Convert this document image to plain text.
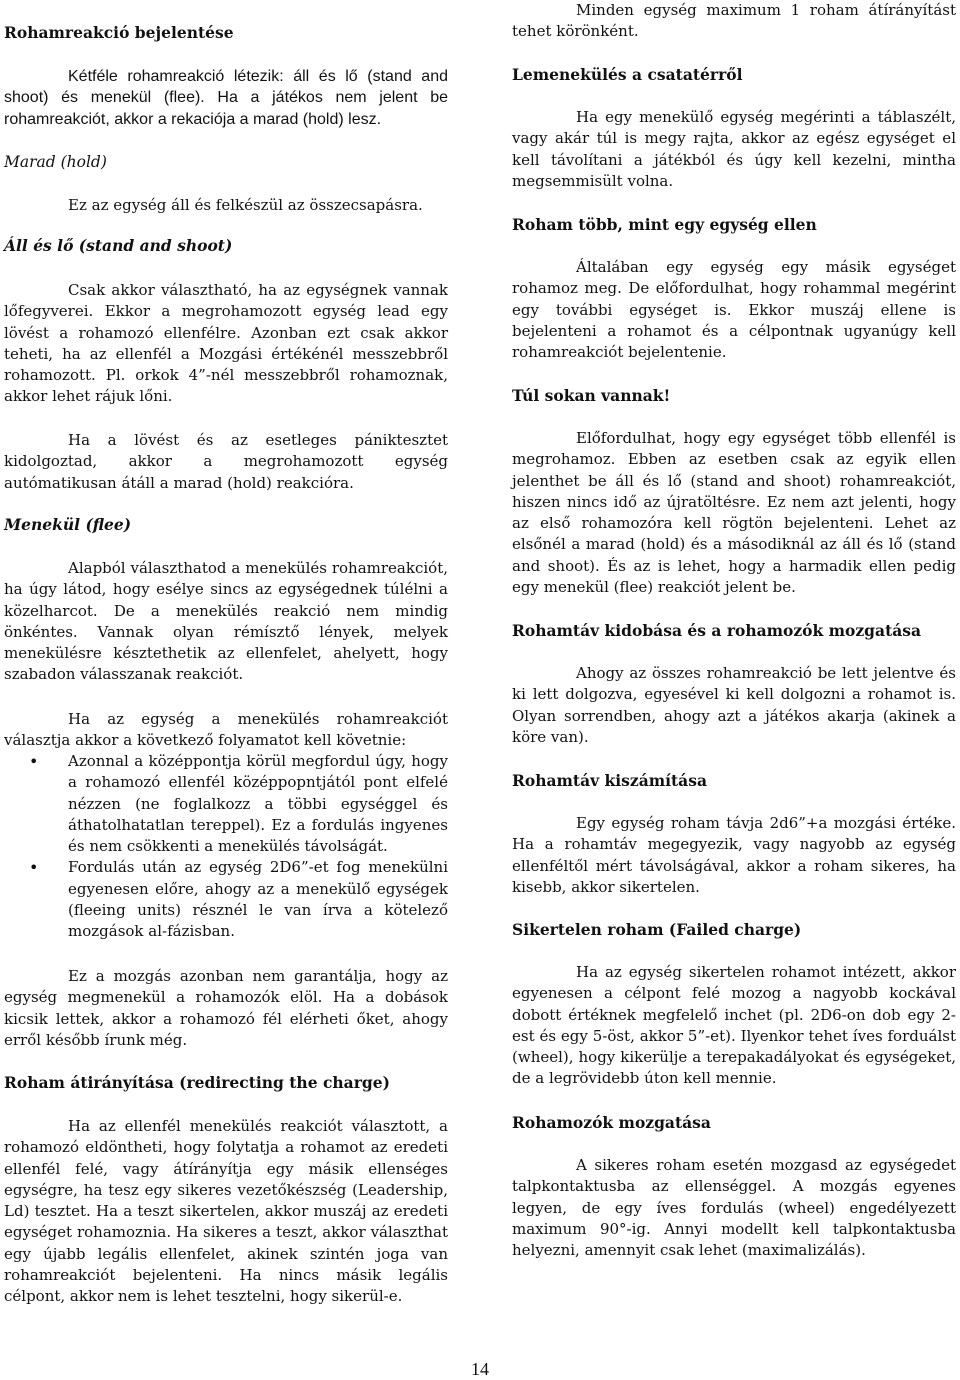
Rohamreakció bejelentése

Kétféle rohamreakció létezik: áll és lő (stand and shoot) és menekül (flee). Ha a játékos nem jelent be rohamreakciót, akkor a rekaciója a marad (hold) lesz.

Marad (hold)
Ez az egység áll és felkészül az összecsapásra.
Áll és lő (stand and shoot)

Csak akkor választható, ha az egységnek vannak lőfegyverei. Ekkor a megrohamozott egység lead egy lövést a rohamozó ellenfélre. Azonban ezt csak akkor teheti, ha az ellenfél a Mozgási értékénél messzebbről rohamozott. Pl. orkok 4”-nél messzebbről rohamoznak, akkor lehet rájuk lőni.

Ha a lövést és az esetleges pániktesztet kidolgoztad, akkor a megrohamozott egység autómatikusan átáll a marad (hold) reakcióra.

Menekül (flee)

Alapból választhatod a menekülés rohamreakciót, ha úgy látod, hogy esélye sincs az egységednek túlélni a közelharcot. De a menekülés reakció nem mindig önkéntes. Vannak olyan rémísztő lények, melyek menekülésre késztethetik az ellenfelet, ahelyett, hogy szabadon válasszanak reakciót.

Ha az egység a menekülés rohamreakciót választja akkor a következő folyamatot kell követnie:

• Azonnal a középpontja körül megfordul úgy, hogy a rohamozó ellenfél középpopntjától pont elfelé nézzen (ne foglalkozz a többi egységgel és áthatolhatatlan tereppel). Ez a fordulás ingyenes és nem csökkenti a menekülés távolságát.
• Fordulás után az egység 2D6”-et fog menekülni egyenesen előre, ahogy az a menekülő egységek (fleeing units) résznél le van írva a kötelező mozgások al-fázisban.

Ez a mozgás azonban nem garantálja, hogy az egység megmenekül a rohamozók elöl. Ha a dobások kicsik lettek, akkor a rohamozó fél elérheti őket, ahogy erről később írunk még.

Roham átirányítása (redirecting the charge)

Ha az ellenfél menekülés reakciót választott, a rohamozó eldöntheti, hogy folytatja a rohamot az eredeti ellenfél felé, vagy átírányítja egy másik ellenséges egységre, ha tesz egy sikeres vezetőkészség (Leadership, Ld) tesztet. Ha a teszt sikertelen, akkor muszáj az eredeti egységet rohamoznia. Ha sikeres a teszt, akkor választhat egy újabb legális ellenfelet, akinek szintén joga van rohamreakciót bejelenteni. Ha nincs másik legális célpont, akkor nem is lehet tesztelni, hogy sikerül-e.

Minden egység maximum 1 roham átírányítást tehet körönként.

Lemenekülés a csatatérről

Ha egy menekülő egység megérinti a táblaszélt, vagy akár túl is megy rajta, akkor az egész egységet el kell távolítani a játékból és úgy kell kezelni, mintha megsemmisült volna.

Roham több, mint egy egység ellen

Általában egy egység egy másik egységet rohamoz meg. De előfordulhat, hogy rohammal megérint egy további egységet is. Ekkor muszáj ellene is bejelenteni a rohamot és a célpontnak ugyanúgy kell rohamreakciót bejelentenie.

Túl sokan vannak!

Előfordulhat, hogy egy egységet több ellenfél is megrohamoz. Ebben az esetben csak az egyik ellen jelenthet be áll és lő (stand and shoot) rohamreakciót, hiszen nincs idő az újratöltésre. Ez nem azt jelenti, hogy az első rohamozóra kell rögtön bejelenteni. Lehet az elsőnél a marad (hold) és a másodiknál az áll és lő (stand and shoot). És az is lehet, hogy a harmadik ellen pedig egy menekül (flee) reakciót jelent be.

Rohamtáv kidobása és a rohamozók mozgatása

Ahogy az összes rohamreakció be lett jelentve és ki lett dolgozva, egyesével ki kell dolgozni a rohamot is. Olyan sorrendben, ahogy azt a játékos akarja (akinek a köre van).

Rohamtáv kiszámítása

Egy egység roham távja 2d6”+a mozgási értéke. Ha a rohamtáv megegyezik, vagy nagyobb az egység ellenféltől mért távolságával, akkor a roham sikeres, ha kisebb, akkor sikertelen.

Sikertelen roham (Failed charge)

Ha az egység sikertelen rohamot intézett, akkor egyenesen a célpont felé mozog a nagyobb kockával dobott értéknek megfelelő inchet (pl. 2D6-on dob egy 2-est és egy 5-öst, akkor 5”-et). Ilyenkor tehet íves forduálst (wheel), hogy kikerülje a terepakadályokat és egységeket, de a legrövidebb úton kell mennie.

Rohamozók mozgatása

A sikeres roham esetén mozgasd az egységedet talpkontaktusba az ellenséggel. A mozgás egyenes legyen, de egy íves fordulás (wheel) engedélyezett maximum 90°-ig. Annyi modellt kell talpkontaktusba helyezni, amennyit csak lehet (maximalizálás).

14
